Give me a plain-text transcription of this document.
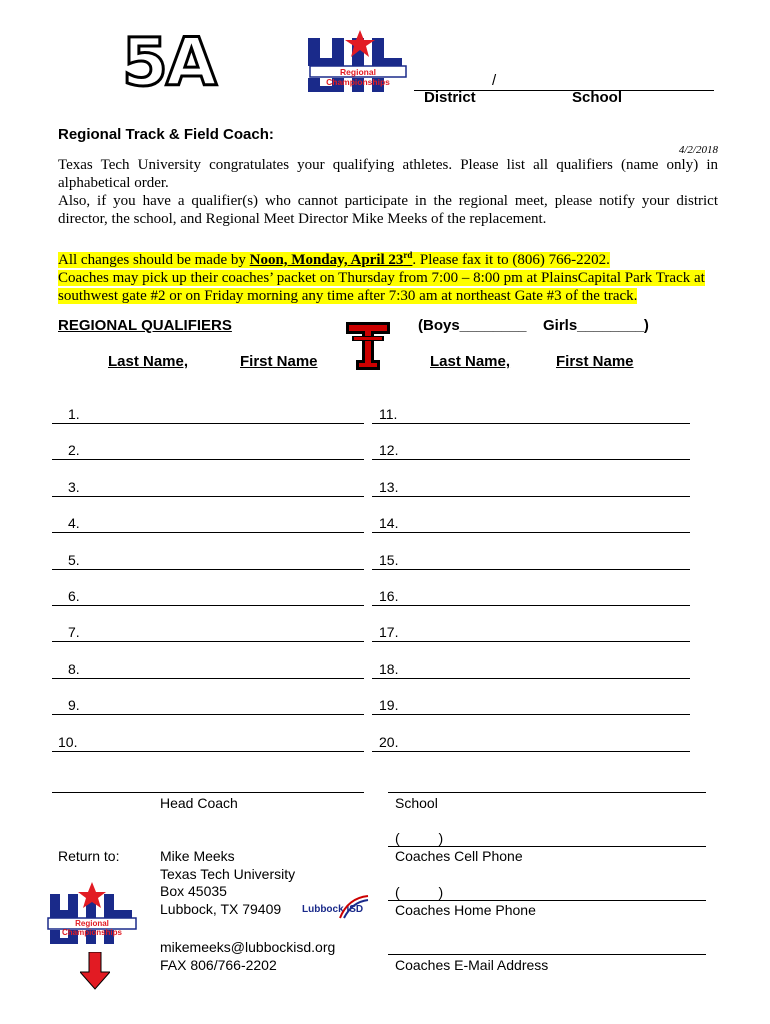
5A	Regional Championships	/
District	School
Regional Track & Field Coach:
4/2/2018
Texas Tech University congratulates your qualifying athletes. Please list all qualifiers (name only) in alphabetical order.
Also, if you have a qualifier(s) who cannot participate in the regional meet, please notify your district director, the school, and Regional Meet Director Mike Meeks of the replacement.
All changes should be made by Noon, Monday, April 23rd. Please fax it to (806) 766-2202.
Coaches may pick up their coaches’ packet on Thursday from 7:00 – 8:00 pm at PlainsCapital Park Track at
southwest gate #2 or on Friday morning any time after 7:30 am at northeast Gate #3 of the track.
REGIONAL QUALIFIERS	(Boys________ Girls________)
Last Name,	First Name	Last Name,	First Name
1.	11.
2.	12.
3.	13.
4.	14.
5.	15.
6.	16.
7.	17.
8.	18.
9.	19.
10.	20.
Head Coach	School
(          )
Coaches Cell Phone
(          )
Coaches Home Phone
Coaches E-Mail Address
Return to:	Mike Meeks
Texas Tech University
Box 45035
Lubbock, TX 79409	Lubbock ISD
mikemeeks@lubbockisd.org
FAX 806/766-2202
Regional Championships
